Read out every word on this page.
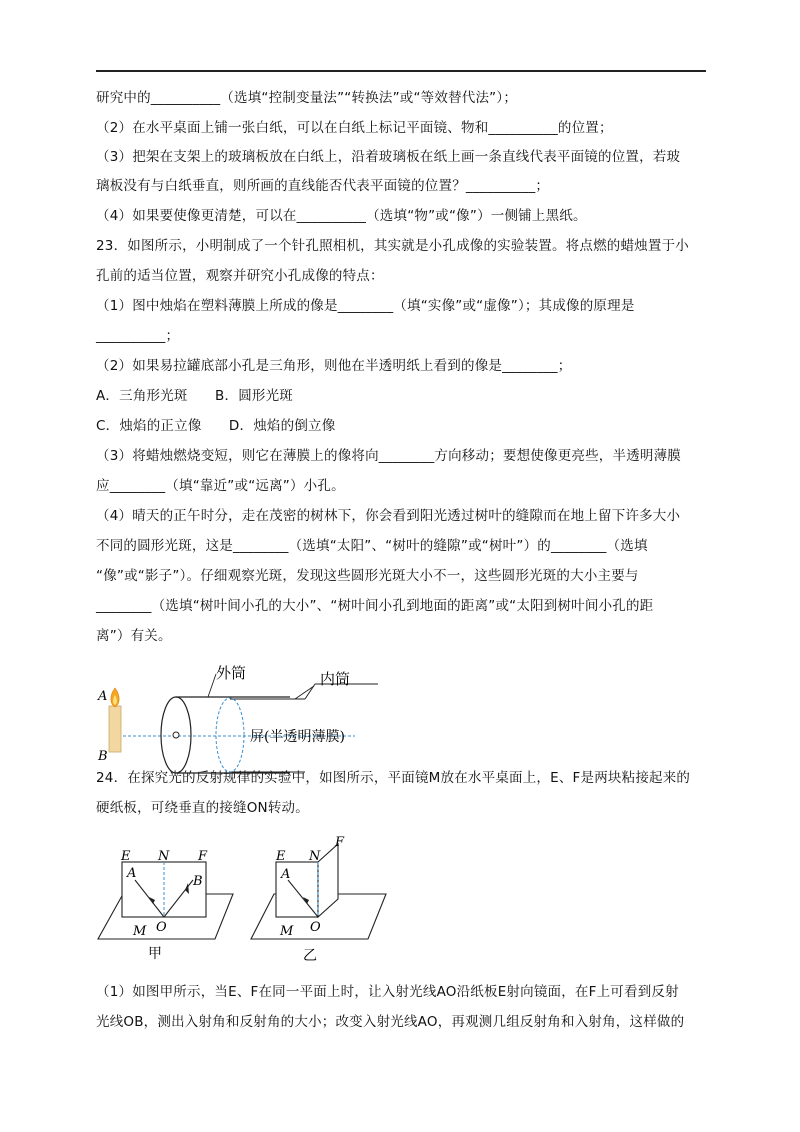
研究中的__________（选填“控制变量法”“转换法”或“等效替代法”）；
（2）在水平桌面上铺一张白纸，可以在白纸上标记平面镜、物和__________的位置；
（3）把架在支架上的玻璃板放在白纸上，沿着玻璃板在纸上画一条直线代表平面镜的位置，若玻
璃板没有与白纸垂直，则所画的直线能否代表平面镜的位置？__________；
（4）如果要使像更清楚，可以在__________（选填“物”或“像”）一侧铺上黑纸。
23．如图所示，小明制成了一个针孔照相机，其实就是小孔成像的实验装置。将点燃的蜡烛置于小
孔前的适当位置，观察并研究小孔成像的特点：
（1）图中烛焰在塑料薄膜上所成的像是________（填“实像”或“虚像”）；其成像的原理是
__________；
（2）如果易拉罐底部小孔是三角形，则他在半透明纸上看到的像是________；
A．三角形光斑　　B．圆形光斑
C．烛焰的正立像　　D．烛焰的倒立像
（3）将蜡烛燃烧变短，则它在薄膜上的像将向________方向移动；要想使像更亮些，半透明薄膜
应________（填“靠近”或“远离”）小孔。
（4）晴天的正午时分，走在茂密的树林下，你会看到阳光透过树叶的缝隙而在地上留下许多大小
不同的圆形光斑，这是________（选填“太阳”、“树叶的缝隙”或“树叶”）的________（选填
“像”或“影子”）。仔细观察光斑，发现这些圆形光斑大小不一，这些圆形光斑的大小主要与
________（选填“树叶间小孔的大小”、“树叶间小孔到地面的距离”或“太阳到树叶间小孔的距
离”）有关。
24．在探究光的反射规律的实验中，如图所示，平面镜M放在水平桌面上，E、F是两块粘接起来的
硬纸板，可绕垂直的接缝ON转动。
（1）如图甲所示，当E、F在同一平面上时，让入射光线AO沿纸板E射向镜面，在F上可看到反射
光线OB，测出入射角和反射角的大小；改变入射光线AO，再观测几组反射角和入射角，这样做的
A
B
外筒	内筒
屏(半透明薄膜)
E N F
A
B
O
M
甲
E N
F
A
O
M
乙
